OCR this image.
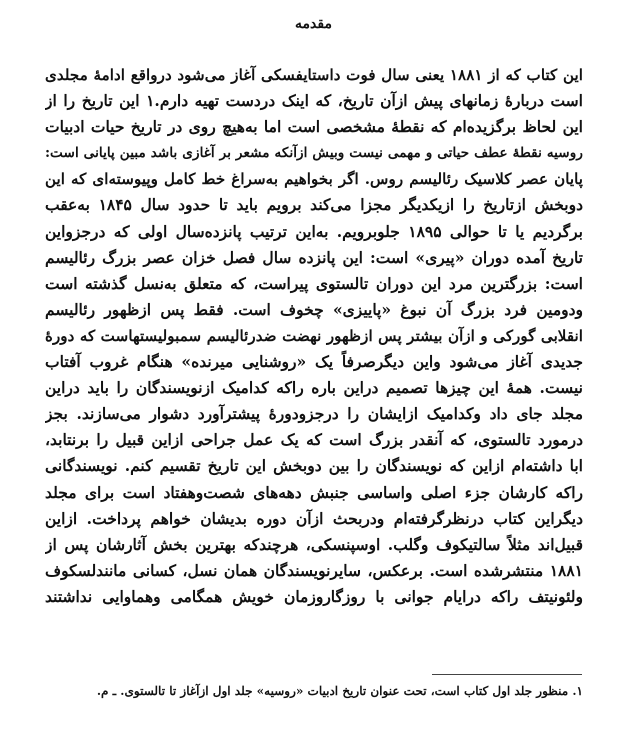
مقدمه
این کتاب که از ۱۸۸۱ یعنی سال فوت داستایفسکی آغاز می‌شود درواقع ادامهٔ مجلدی
است دربارهٔ زمانهای پیش ازآن تاریخ، که اینک دردست تهیه دارم.۱ این تاریخ را از
این لحاظ برگزیده‌ام که نقطهٔ مشخصی است اما به‌هیچ روی در تاریخ حیات ادبیات
روسیه نقطهٔ عطف حیاتی و مهمی نیست وبیش ازآنکه مشعر بر آغازی باشد مبین پایانی است:
پایان عصر کلاسیک رئالیسم روس. اگر بخواهیم به‌سراغ خط کامل وپیوسته‌ای که این
دوبخش ازتاریخ را ازیکدیگر مجزا می‌کند برویم باید تا حدود سال ۱۸۴۵ به‌عقب
برگردیم یا تا حوالی ۱۸۹۵ جلوبرویم. به‌این ترتیب پانزده‌سال اولی که درجزواین
تاریخ آمده دوران «پیری» است: این پانزده سال فصل خزان عصر بزرگ رئالیسم
است: بزرگترین مرد این دوران تالستوی پیراست، که متعلق به‌نسل گذشته است
ودومین فرد بزرگ آن نبوغ «پاییزی» چخوف است. فقط پس ازظهور رئالیسم
انقلابی گورکی و ازآن بیشتر پس ازظهور نهضت ضدرئالیسم سمبولیستهاست که دورهٔ
جدیدی آغاز می‌شود واین دیگرصرفاً یک «روشنایی میرنده» هنگام غروب آفتاب
نیست. همهٔ این چیزها تصمیم دراین باره راکه کدامیک ازنویسندگان را باید دراین
مجلد جای داد وکدامیک ازایشان را درجزودورهٔ پیشترآورد دشوار می‌سازند. بجز
درمورد تالستوی، که آنقدر بزرگ است که یک عمل جراحی ازاین قبیل را برنتابد،
ابا داشته‌ام ازاین که نویسندگان را بین دوبخش این تاریخ تقسیم کنم. نویسندگانی
راکه کارشان جزء اصلی واساسی جنبش دهه‌های شصت‌وهفتاد است برای مجلد
دیگراین کتاب درنظرگرفته‌ام ودربحث ازآن دوره بدیشان خواهم پرداخت. ازاین
قبیل‌اند مثلاً سالتیکوف وگلب. اوسپنسکی، هرچندکه بهترین بخش آثارشان پس از
۱۸۸۱ منتشرشده است. برعکس، سایرنویسندگان همان نسل، کسانی مانندلسکوف
ولئونیتف راکه درایام جوانی با روزگاروزمان خویش همگامی وهماوایی نداشتند
۱. منظور جلد اول کتاب است، تحت عنوان تاریخ ادبیات «روسیه» جلد اول ازآغاز تا تالستوی. ـ م.
